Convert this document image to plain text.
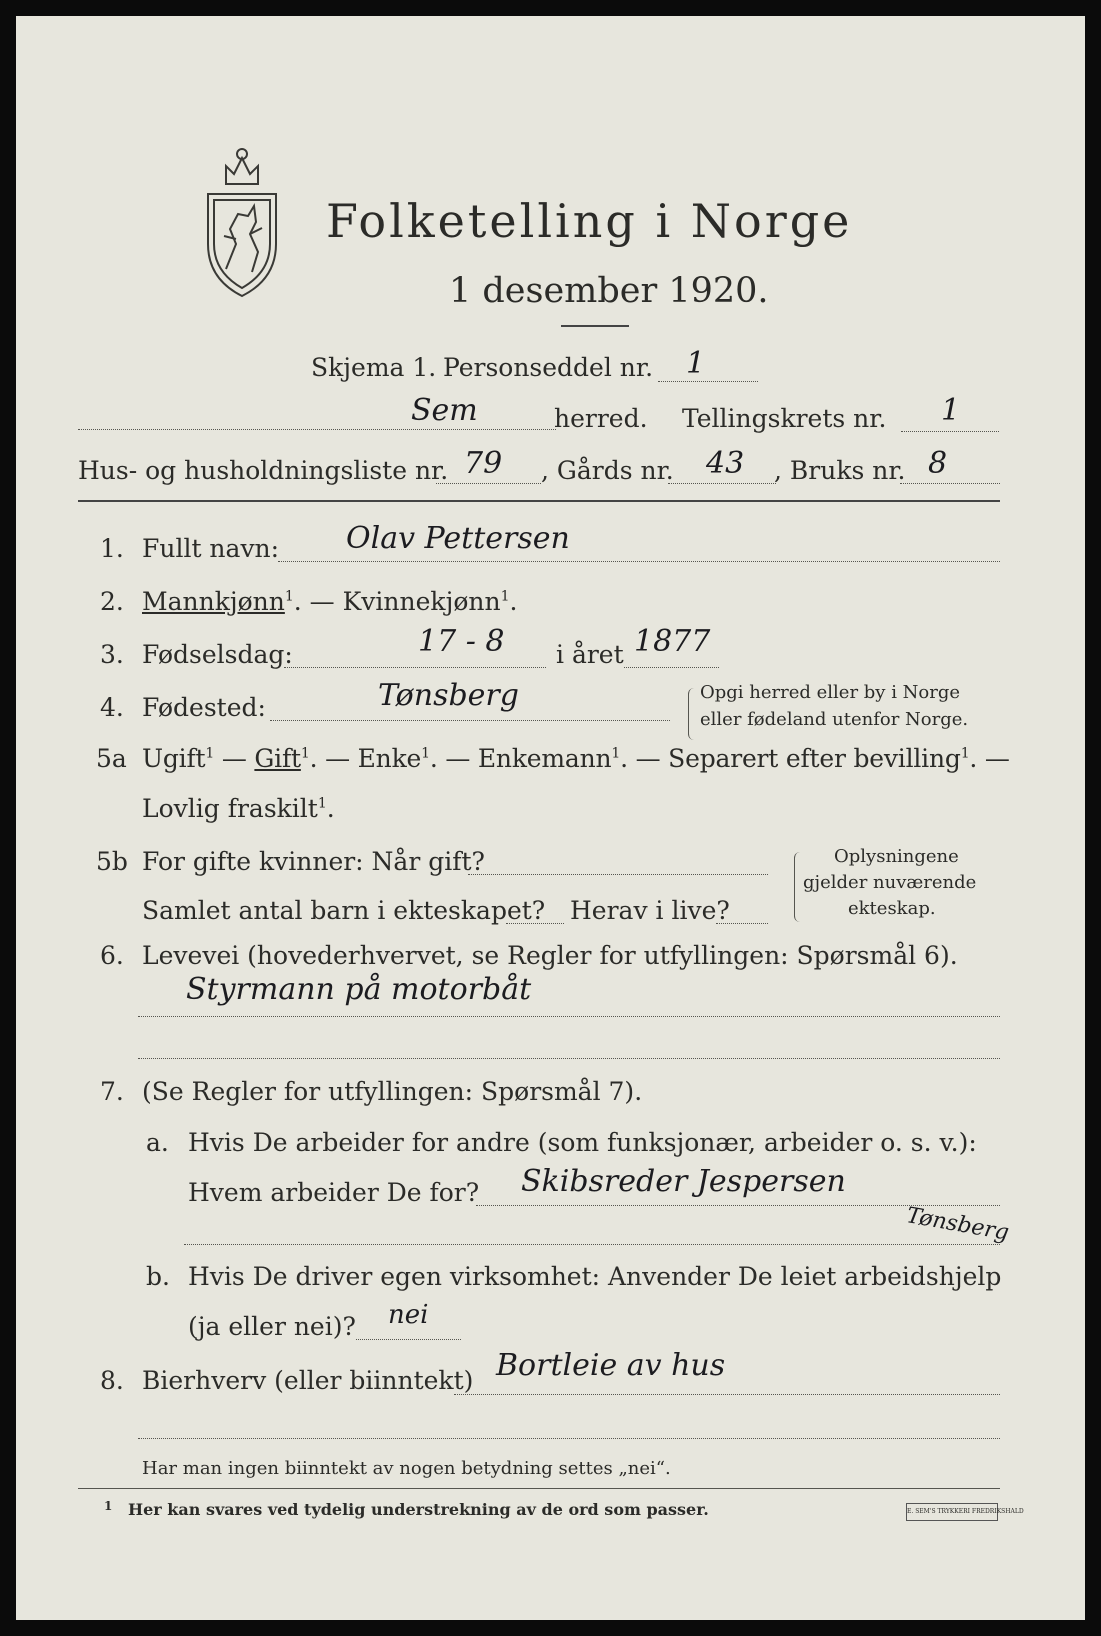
Folketelling i Norge
1 desember 1920.
Skjema 1. Personseddel nr. 1
Sem	herred. Tellingskrets nr. 1
Hus- og husholdningsliste nr. 79 , Gårds nr. 43 , Bruks nr. 8
1. Fullt navn: Olav Pettersen
2. Mannkjønn$^1$. — Kvinnekjønn$^1$.
3. Fødselsdag:	17 - 8 i året 1877
4. Fødested:	Tønsberg	Opgi herred eller by i Norge
eller fødeland utenfor Norge.
5a Ugift$^1$ — Gift$^1$. — Enke$^1$. — Enkemann$^1$. — Separert efter bevilling$^1$. —
Lovlig fraskilt$^1$.
5b For gifte kvinner: Når gift?
Samlet antal barn i ekteskapet? Herav i live?
Oplysningene
gjelder nuværende
ekteskap.
6. Levevei (hovederhvervet, se Regler for utfyllingen: Spørsmål 6).
Styrmann på motorbåt
7. (Se Regler for utfyllingen: Spørsmål 7).
a. Hvis De arbeider for andre (som funksjonær, arbeider o. s. v.):
Hvem arbeider De for? Skibsreder Jespersen
Tønsberg
b. Hvis De driver egen virksomhet: Anvender De leiet arbeidshjelp
(ja eller nei)? nei
8. Bierhverv (eller biinntekt) Bortleie av hus
Har man ingen biinntekt av nogen betydning settes „nei“.
1 Her kan svares ved tydelig understrekning av de ord som passer.	E. SEM'S TRYKKERI FREDRIKSHALD
